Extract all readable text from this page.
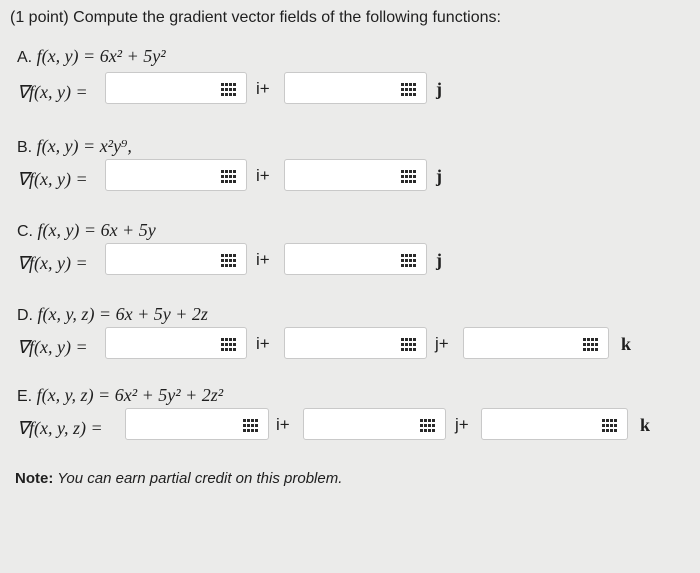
(1 point) Compute the gradient vector fields of the following functions:
A. f(x, y) = 6x² + 5y²
∇f(x, y) =	i+	j
B. f(x, y) = x²y⁹,
∇f(x, y) =	i+	j
C. f(x, y) = 6x + 5y
∇f(x, y) =	i+	j
D. f(x, y, z) = 6x + 5y + 2z
∇f(x, y) =	i+	j+	k
E. f(x, y, z) = 6x² + 5y² + 2z²
∇f(x, y, z) =	i+	j+	k
Note: You can earn partial credit on this problem.
